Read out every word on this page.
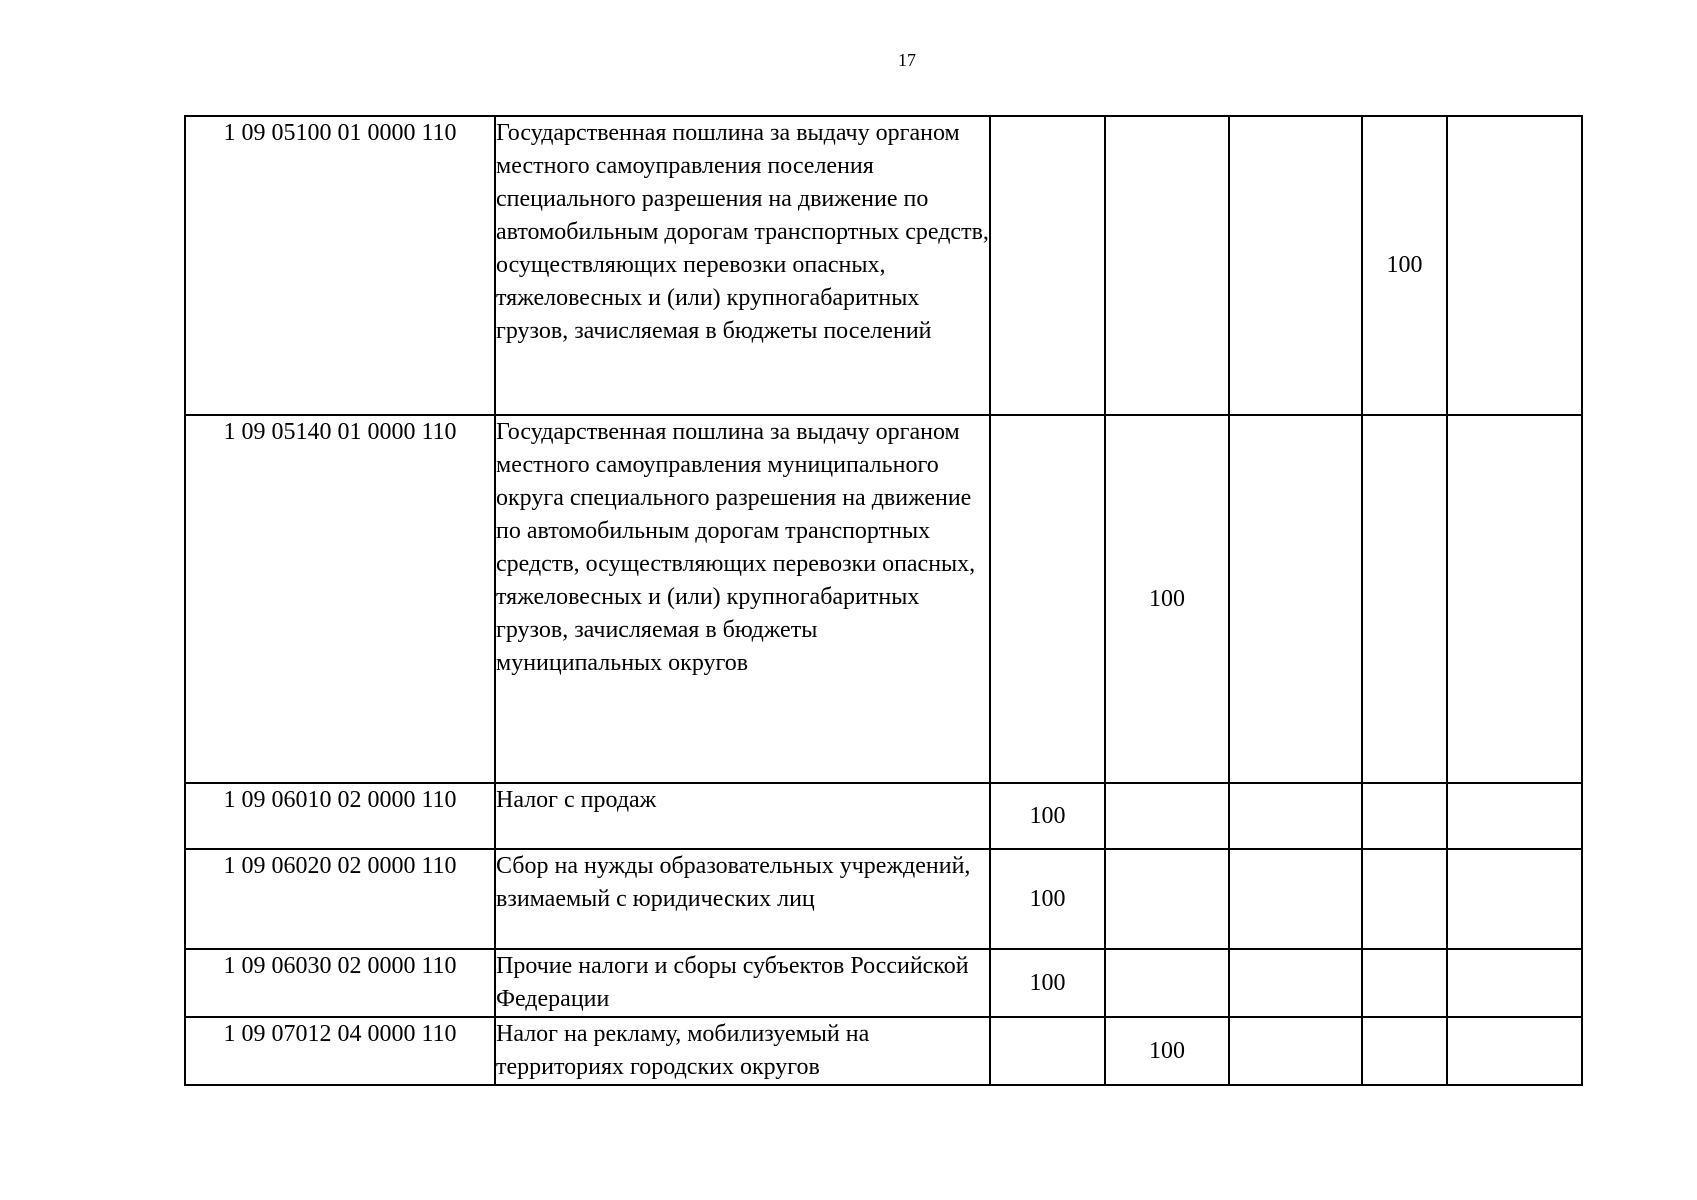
17
1 09 05100 01 0000 110	Государственная пошлина за выдачу органом местного самоуправления поселения специального разрешения на движение по автомобильным дорогам транспортных средств, осуществляющих перевозки опасных, тяжеловесных и (или) крупногабаритных грузов, зачисляемая в бюджеты поселений				100	
1 09 05140 01 0000 110	Государственная пошлина за выдачу органом местного самоуправления муниципального округа специального разрешения на движение по автомобильным дорогам транспортных средств, осуществляющих перевозки опасных, тяжеловесных и (или) крупногабаритных грузов, зачисляемая в бюджеты муниципальных округов		100			
1 09 06010 02 0000 110	Налог с продаж	100				
1 09 06020 02 0000 110	Сбор на нужды образовательных учреждений, взимаемый с юридических лиц	100				
1 09 06030 02 0000 110	Прочие налоги и сборы субъектов Российской Федерации	100				
1 09 07012 04 0000 110	Налог на рекламу, мобилизуемый на территориях городских округов		100			
